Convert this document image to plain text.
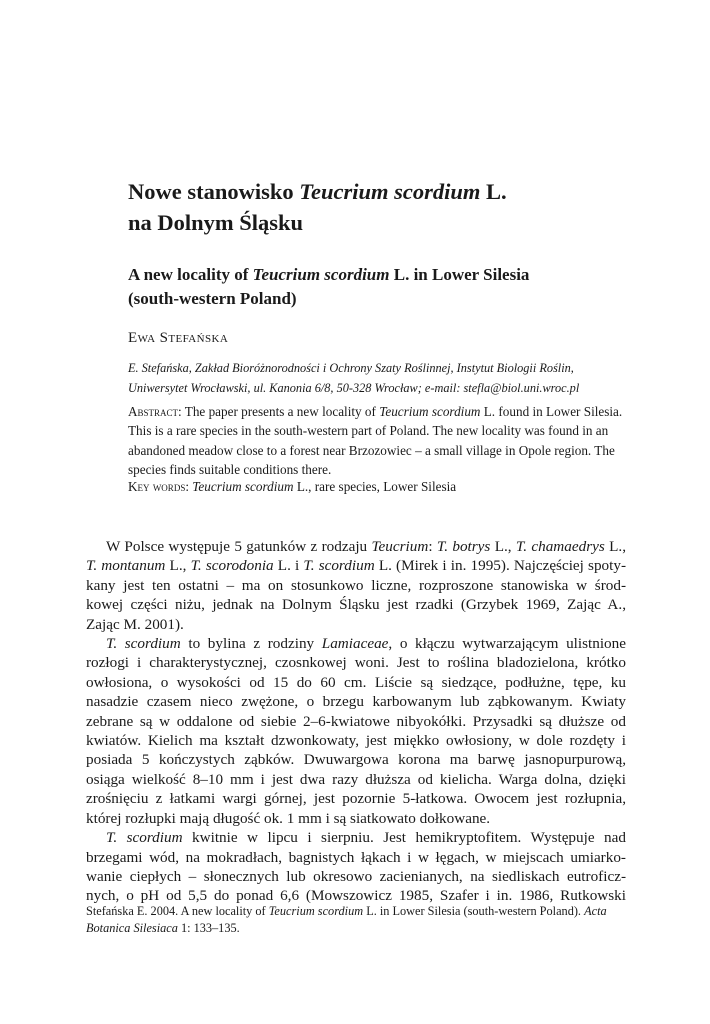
Nowe stanowisko Teucrium scordium L.
na Dolnym Śląsku
A new locality of Teucrium scordium L. in Lower Silesia
(south-western Poland)

Ewa Stefańska

E. Stefańska, Zakład Bioróżnorodności i Ochrony Szaty Roślinnej, Instytut Biologii Roślin,
Uniwersytet Wrocławski, ul. Kanonia 6/8, 50-328 Wrocław; e-mail: stefla@biol.uni.wroc.pl

Abstract: The paper presents a new locality of Teucrium scordium L. found in Lower Silesia. This is a rare species in the south-western part of Poland. The new locality was found in an abandoned meadow close to a forest near Brzozowiec – a small village in Opole region. The species finds suitable conditions there.

Key words: Teucrium scordium L., rare species, Lower Silesia

W Polsce występuje 5 gatunków z rodzaju Teucrium: T. botrys L., T. chamaedrys L.,
T. montanum L., T. scorodonia L. i T. scordium L. (Mirek i in. 1995). Najczęściej spoty-
kany jest ten ostatni – ma on stosunkowo liczne, rozproszone stanowiska w środ-
kowej części niżu, jednak na Dolnym Śląsku jest rzadki (Grzybek 1969, Zając A.,
Zając M. 2001).
T. scordium to bylina z rodziny Lamiaceae, o kłączu wytwarzającym ulistnione
rozłogi i charakterystycznej, czosnkowej woni. Jest to roślina bladozielona, krótko
owłosiona, o wysokości od 15 do 60 cm. Liście są siedzące, podłużne, tępe, ku
nasadzie czasem nieco zwężone, o brzegu karbowanym lub ząbkowanym. Kwiaty
zebrane są w oddalone od siebie 2–6-kwiatowe nibyokółki. Przysadki są dłuższe od
kwiatów. Kielich ma kształt dzwonkowaty, jest miękko owłosiony, w dole rozdęty i
posiada 5 kończystych ząbków. Dwuwargowa korona ma barwę jasnopurpurową,
osiąga wielkość 8–10 mm i jest dwa razy dłuższa od kielicha. Warga dolna, dzięki
zrośnięciu z łatkami wargi górnej, jest pozornie 5-łatkowa. Owocem jest rozłupnia,
której rozłupki mają długość ok. 1 mm i są siatkowato dołkowane.
T. scordium kwitnie w lipcu i sierpniu. Jest hemikryptofitem. Występuje nad
brzegami wód, na mokradłach, bagnistych łąkach i w łęgach, w miejscach umiarko-
wanie ciepłych – słonecznych lub okresowo zacienianych, na siedliskach eutroficz-
nych, o pH od 5,5 do ponad 6,6 (Mowszowicz 1985, Szafer i in. 1986, Rutkowski

Stefańska E. 2004. A new locality of Teucrium scordium L. in Lower Silesia (south-western Poland). Acta
Botanica Silesiaca 1: 133–135.
